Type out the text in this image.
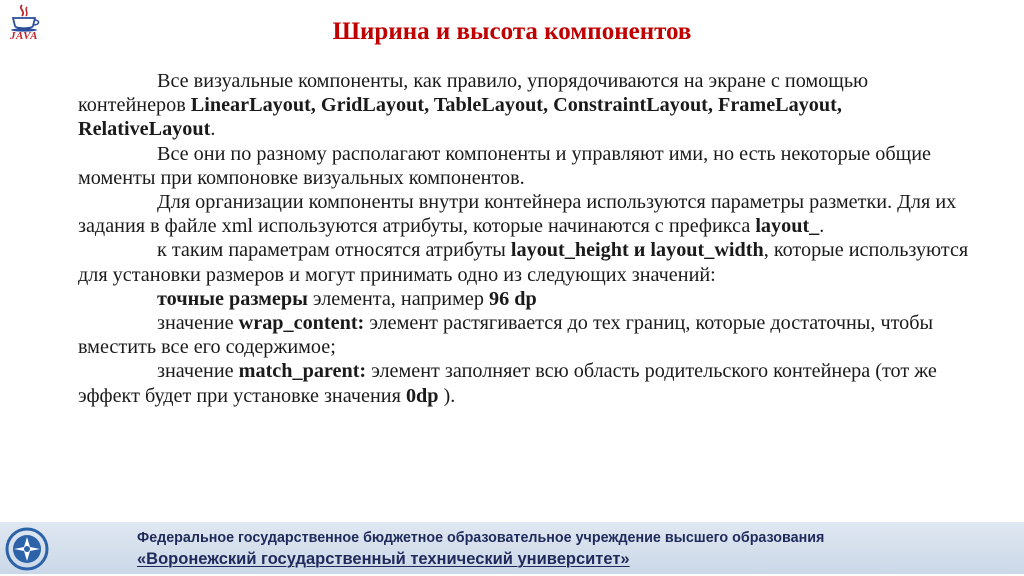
JAVA	Ширина и высота компонентов

Все визуальные компоненты, как правило, упорядочиваются на экране с помощью контейнеров LinearLayout, GridLayout, TableLayout, ConstraintLayout, FrameLayout, RelativeLayout.

Все они по разному располагают компоненты и управляют ими, но есть некоторые общие моменты при компоновке визуальных компонентов.

Для организации компоненты внутри контейнера используются параметры разметки. Для их задания в файле xml используются атрибуты, которые начинаются с префикса layout_.

к таким параметрам относятся атрибуты layout_height и layout_width, которые используются для установки размеров и могут принимать одно из следующих значений:

точные размеры элемента, например 96 dp

значение wrap_content: элемент растягивается до тех границ, которые достаточны, чтобы вместить все его содержимое;

значение match_parent: элемент заполняет всю область родительского контейнера (тот же эффект будет при установке значения 0dp ).

Федеральное государственное бюджетное образовательное учреждение высшего образования
«Воронежский государственный технический университет»
